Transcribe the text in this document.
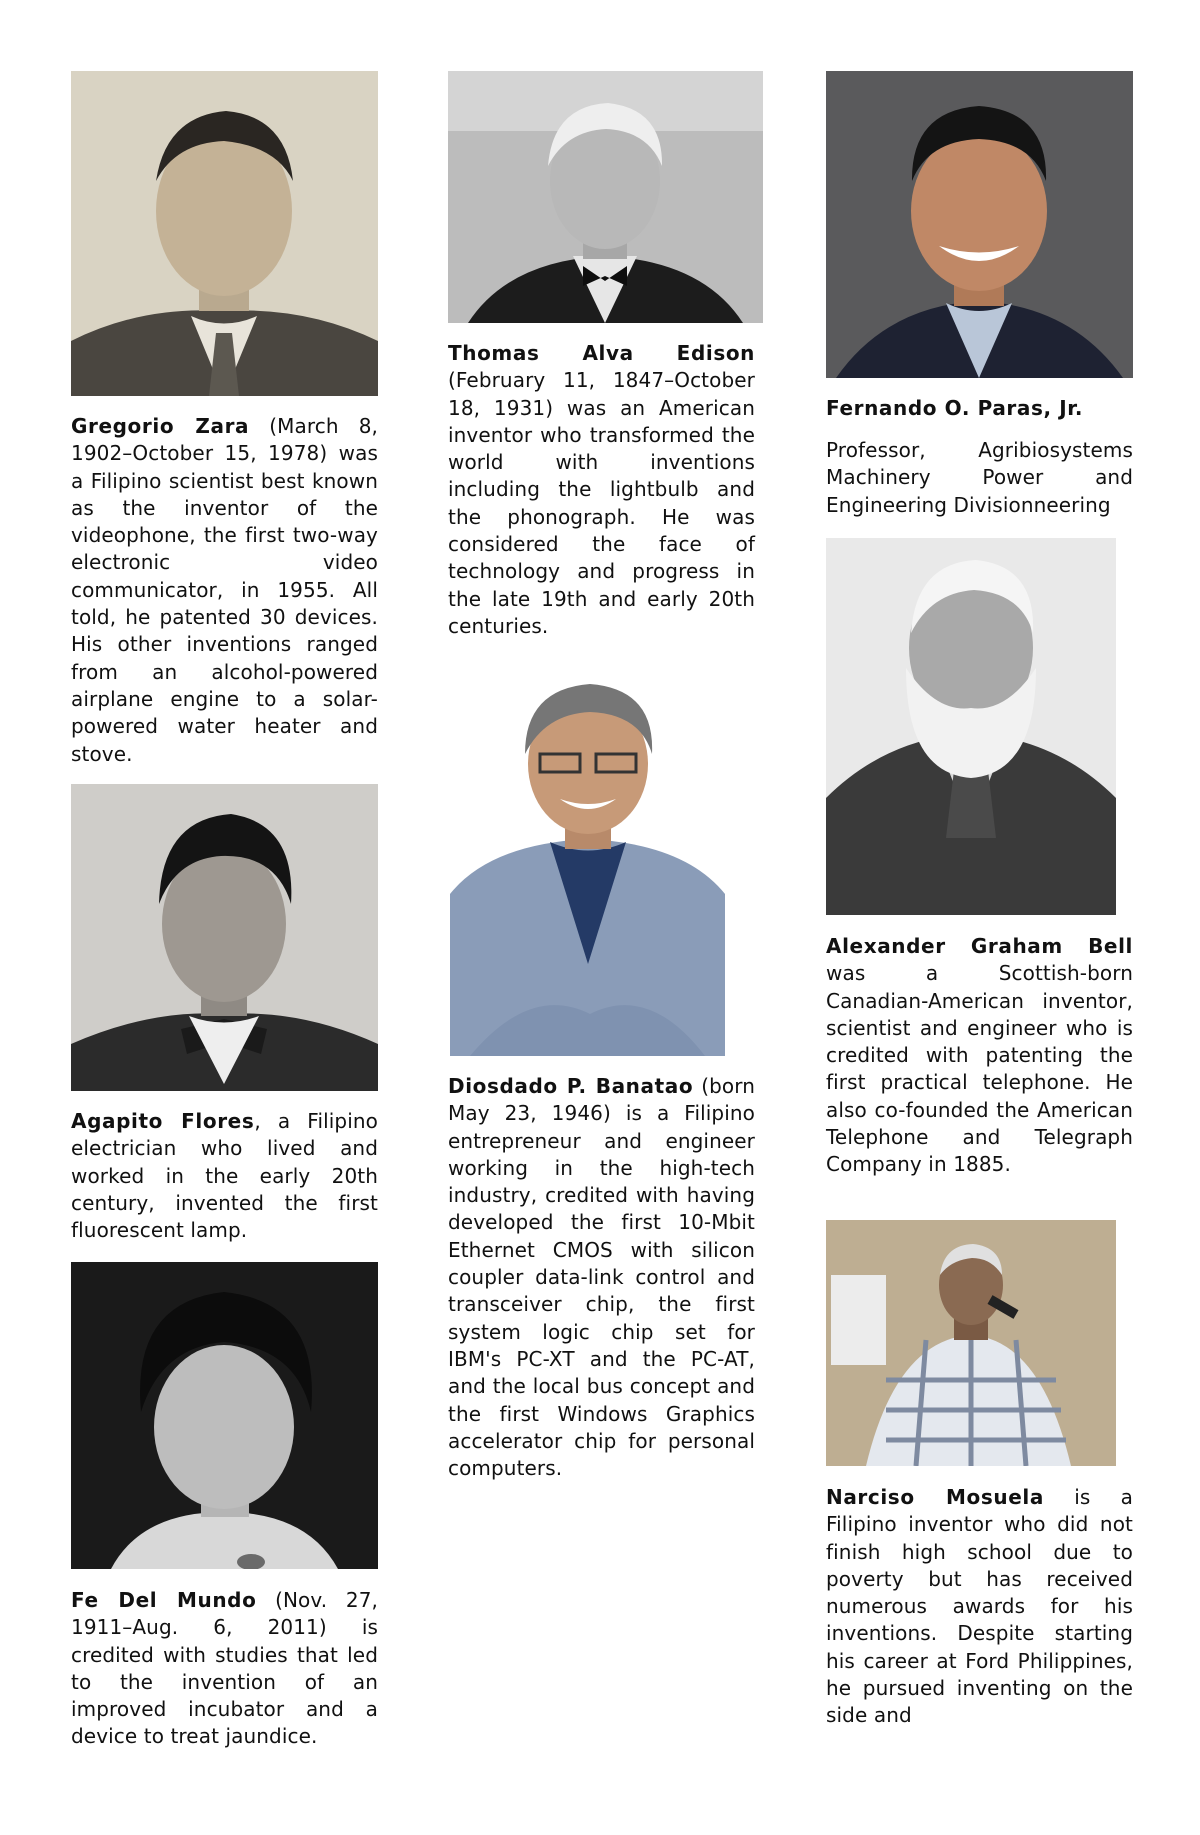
Gregorio Zara (March 8, 1902–October 15, 1978) was a Filipino scientist best known as the inventor of the videophone, the first two-way electronic video communicator, in 1955. All told, he patented 30 devices. His other inventions ranged from an alcohol-powered airplane engine to a solar-powered water heater and stove.

Agapito Flores, a Filipino electrician who lived and worked in the early 20th century, invented the first fluorescent lamp.

Fe Del Mundo (Nov. 27, 1911–Aug. 6, 2011) is credited with studies that led to the invention of an improved incubator and a device to treat jaundice.

Thomas Alva Edison (February 11, 1847–October 18, 1931) was an American inventor who transformed the world with inventions including the lightbulb and the phonograph. He was considered the face of technology and progress in the late 19th and early 20th centuries.

Diosdado P. Banatao (born May 23, 1946) is a Filipino entrepreneur and engineer working in the high-tech industry, credited with having developed the first 10-Mbit Ethernet CMOS with silicon coupler data-link control and transceiver chip, the first system logic chip set for IBM's PC-XT and the PC-AT, and the local bus concept and the first Windows Graphics accelerator chip for personal computers.

Fernando O. Paras, Jr.

Professor, Agribiosystems Machinery Power and Engineering Divisionneering

Alexander Graham Bell was a Scottish-born Canadian-American inventor, scientist and engineer who is credited with patenting the first practical telephone. He also co-founded the American Telephone and Telegraph Company in 1885.

Narciso Mosuela is a Filipino inventor who did not finish high school due to poverty but has received numerous awards for his inventions. Despite starting his career at Ford Philippines, he pursued inventing on the side and
